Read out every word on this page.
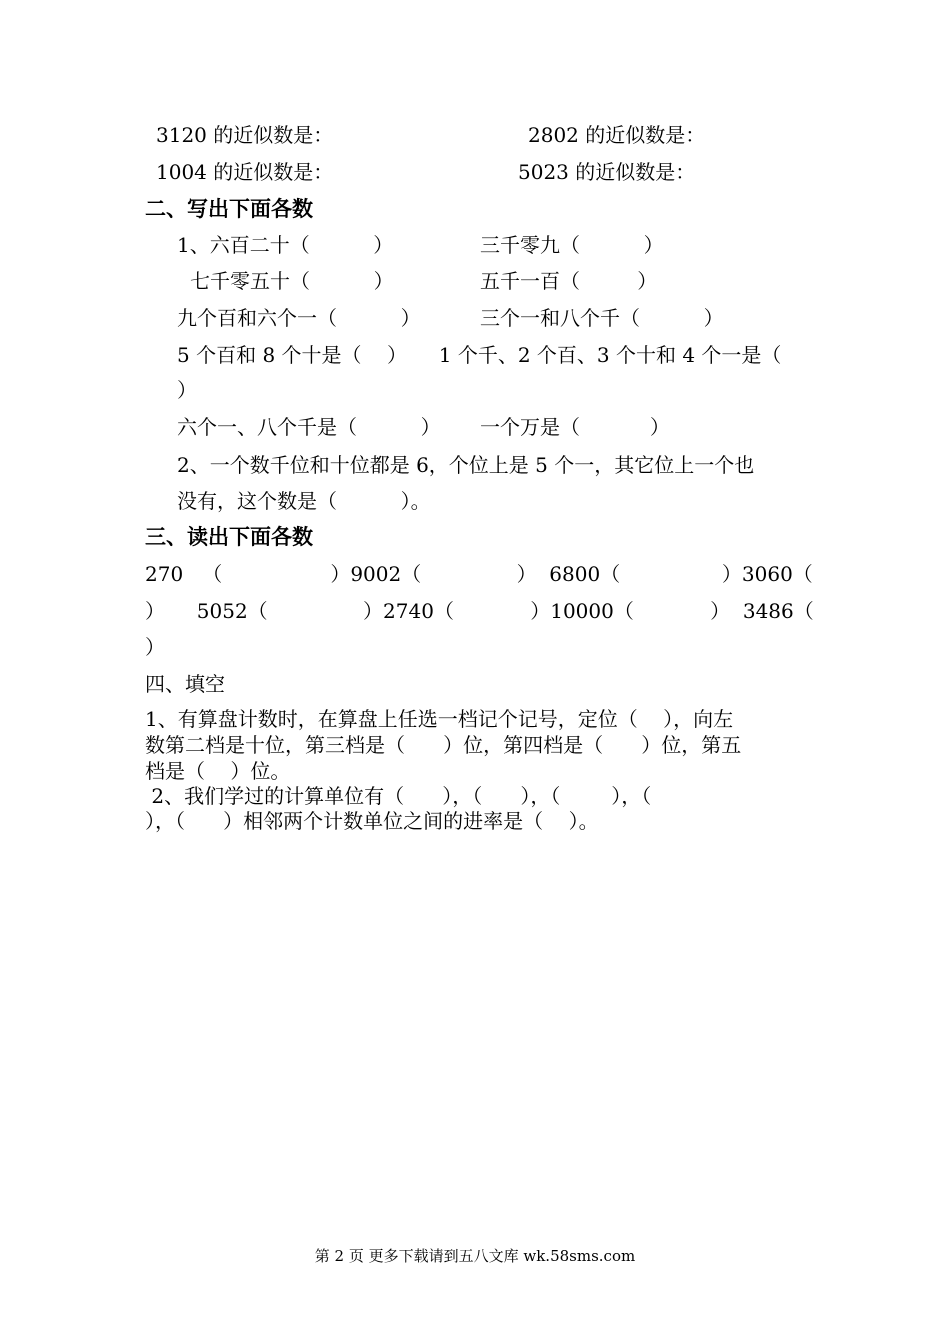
3120 的近似数是：	2802 的近似数是：
1004 的近似数是：	5023 的近似数是：
二、写出下面各数
1、六百二十（          ）	三千零九（          ）
七千零五十（          ）	五千一百（         ）
九个百和六个一（          ）	三个一和八个千（          ）
5 个百和 8 个十是（    ）     1 个千、2 个百、3 个十和 4 个一是（
）
六个一、八个千是（          ） 一个万是（           ）
2、一个数千位和十位都是 6，个位上是 5 个一，其它位上一个也
没有，这个数是（          ）。
三、读出下面各数
270   （                 ）9002（               ）  6800（                ）3060（
）     5052（               ）2740（            ）10000（            ）  3486（
）
四、填空
1、有算盘计数时，在算盘上任选一档记个记号，定位（    ），向左
数第二档是十位，第三档是（      ）位，第四档是（      ）位，第五
档是（    ）位。
2、我们学过的计算单位有（      ），（      ），（        ），（
），（      ）相邻两个计数单位之间的进率是（    ）。
第 2 页 更多下载请到五八文库 wk.58sms.com
